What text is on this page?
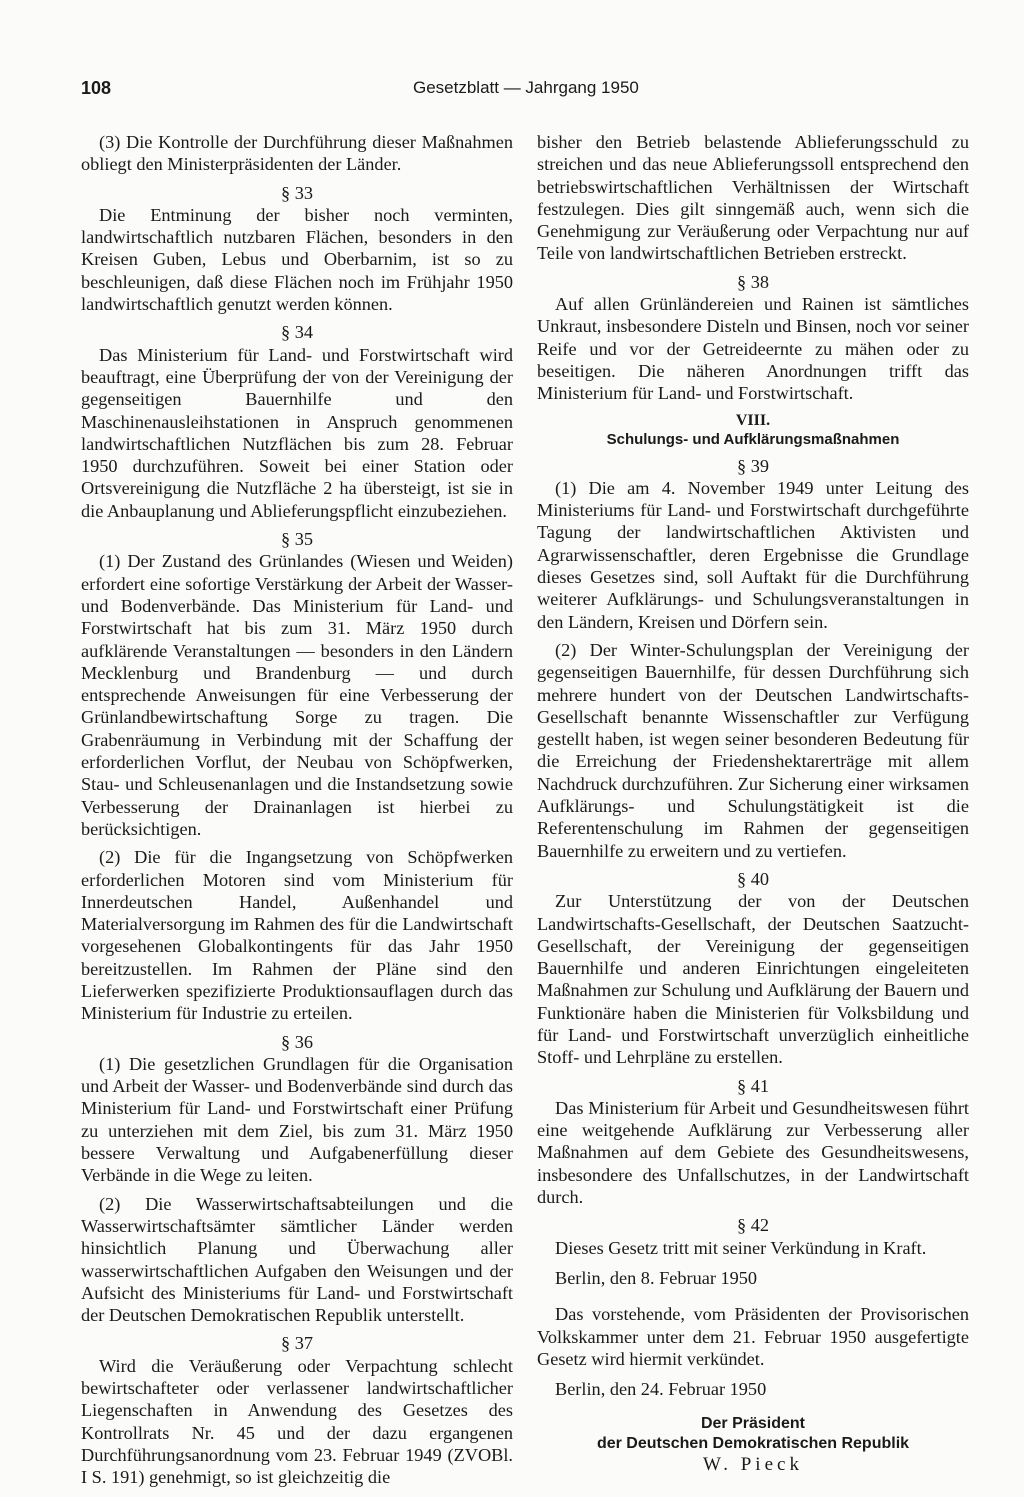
108	Gesetzblatt — Jahrgang 1950
(3) Die Kontrolle der Durchführung dieser Maßnahmen obliegt den Ministerpräsidenten der Länder.
§ 33
Die Entminung der bisher noch verminten, landwirtschaftlich nutzbaren Flächen, besonders in den Kreisen Guben, Lebus und Oberbarnim, ist so zu beschleunigen, daß diese Flächen noch im Frühjahr 1950 landwirtschaftlich genutzt werden können.
§ 34
Das Ministerium für Land- und Forstwirtschaft wird beauftragt, eine Überprüfung der von der Vereinigung der gegenseitigen Bauernhilfe und den Maschinenausleihstationen in Anspruch genommenen landwirtschaftlichen Nutzflächen bis zum 28. Februar 1950 durchzuführen. Soweit bei einer Station oder Ortsvereinigung die Nutzfläche 2 ha übersteigt, ist sie in die Anbauplanung und Ablieferungspflicht einzubeziehen.
§ 35
(1) Der Zustand des Grünlandes (Wiesen und Weiden) erfordert eine sofortige Verstärkung der Arbeit der Wasser- und Bodenverbände. Das Ministerium für Land- und Forstwirtschaft hat bis zum 31. März 1950 durch aufklärende Veranstaltungen — besonders in den Ländern Mecklenburg und Brandenburg — und durch entsprechende Anweisungen für eine Verbesserung der Grünlandbewirtschaftung Sorge zu tragen. Die Grabenräumung in Verbindung mit der Schaffung der erforderlichen Vorflut, der Neubau von Schöpfwerken, Stau- und Schleusenanlagen und die Instandsetzung sowie Verbesserung der Drainanlagen ist hierbei zu berücksichtigen.
(2) Die für die Ingangsetzung von Schöpfwerken erforderlichen Motoren sind vom Ministerium für Innerdeutschen Handel, Außenhandel und Materialversorgung im Rahmen des für die Landwirtschaft vorgesehenen Globalkontingents für das Jahr 1950 bereitzustellen. Im Rahmen der Pläne sind den Lieferwerken spezifizierte Produktionsauflagen durch das Ministerium für Industrie zu erteilen.
§ 36
(1) Die gesetzlichen Grundlagen für die Organisation und Arbeit der Wasser- und Bodenverbände sind durch das Ministerium für Land- und Forstwirtschaft einer Prüfung zu unterziehen mit dem Ziel, bis zum 31. März 1950 bessere Verwaltung und Aufgabenerfüllung dieser Verbände in die Wege zu leiten.
(2) Die Wasserwirtschaftsabteilungen und die Wasserwirtschaftsämter sämtlicher Länder werden hinsichtlich Planung und Überwachung aller wasserwirtschaftlichen Aufgaben den Weisungen und der Aufsicht des Ministeriums für Land- und Forstwirtschaft der Deutschen Demokratischen Republik unterstellt.
§ 37
Wird die Veräußerung oder Verpachtung schlecht bewirtschafteter oder verlassener landwirtschaftlicher Liegenschaften in Anwendung des Gesetzes des Kontrollrats Nr. 45 und der dazu ergangenen Durchführungsanordnung vom 23. Februar 1949 (ZVOBl. I S. 191) genehmigt, so ist gleichzeitig die
bisher den Betrieb belastende Ablieferungsschuld zu streichen und das neue Ablieferungssoll entsprechend den betriebswirtschaftlichen Verhältnissen der Wirtschaft festzulegen. Dies gilt sinngemäß auch, wenn sich die Genehmigung zur Veräußerung oder Verpachtung nur auf Teile von landwirtschaftlichen Betrieben erstreckt.
§ 38
Auf allen Grünländereien und Rainen ist sämtliches Unkraut, insbesondere Disteln und Binsen, noch vor seiner Reife und vor der Getreideernte zu mähen oder zu beseitigen. Die näheren Anordnungen trifft das Ministerium für Land- und Forstwirtschaft.
VIII.
Schulungs- und Aufklärungsmaßnahmen
§ 39
(1) Die am 4. November 1949 unter Leitung des Ministeriums für Land- und Forstwirtschaft durchgeführte Tagung der landwirtschaftlichen Aktivisten und Agrarwissenschaftler, deren Ergebnisse die Grundlage dieses Gesetzes sind, soll Auftakt für die Durchführung weiterer Aufklärungs- und Schulungsveranstaltungen in den Ländern, Kreisen und Dörfern sein.
(2) Der Winter-Schulungsplan der Vereinigung der gegenseitigen Bauernhilfe, für dessen Durchführung sich mehrere hundert von der Deutschen Landwirtschafts-Gesellschaft benannte Wissenschaftler zur Verfügung gestellt haben, ist wegen seiner besonderen Bedeutung für die Erreichung der Friedenshektarerträge mit allem Nachdruck durchzuführen. Zur Sicherung einer wirksamen Aufklärungs- und Schulungstätigkeit ist die Referentenschulung im Rahmen der gegenseitigen Bauernhilfe zu erweitern und zu vertiefen.
§ 40
Zur Unterstützung der von der Deutschen Landwirtschafts-Gesellschaft, der Deutschen Saatzucht-Gesellschaft, der Vereinigung der gegenseitigen Bauernhilfe und anderen Einrichtungen eingeleiteten Maßnahmen zur Schulung und Aufklärung der Bauern und Funktionäre haben die Ministerien für Volksbildung und für Land- und Forstwirtschaft unverzüglich einheitliche Stoff- und Lehrpläne zu erstellen.
§ 41
Das Ministerium für Arbeit und Gesundheitswesen führt eine weitgehende Aufklärung zur Verbesserung aller Maßnahmen auf dem Gebiete des Gesundheitswesens, insbesondere des Unfallschutzes, in der Landwirtschaft durch.
§ 42
Dieses Gesetz tritt mit seiner Verkündung in Kraft.
Berlin, den 8. Februar 1950
Das vorstehende, vom Präsidenten der Provisorischen Volkskammer unter dem 21. Februar 1950 ausgefertigte Gesetz wird hiermit verkündet.
Berlin, den 24. Februar 1950
Der Präsident
der Deutschen Demokratischen Republik
W. Pieck
